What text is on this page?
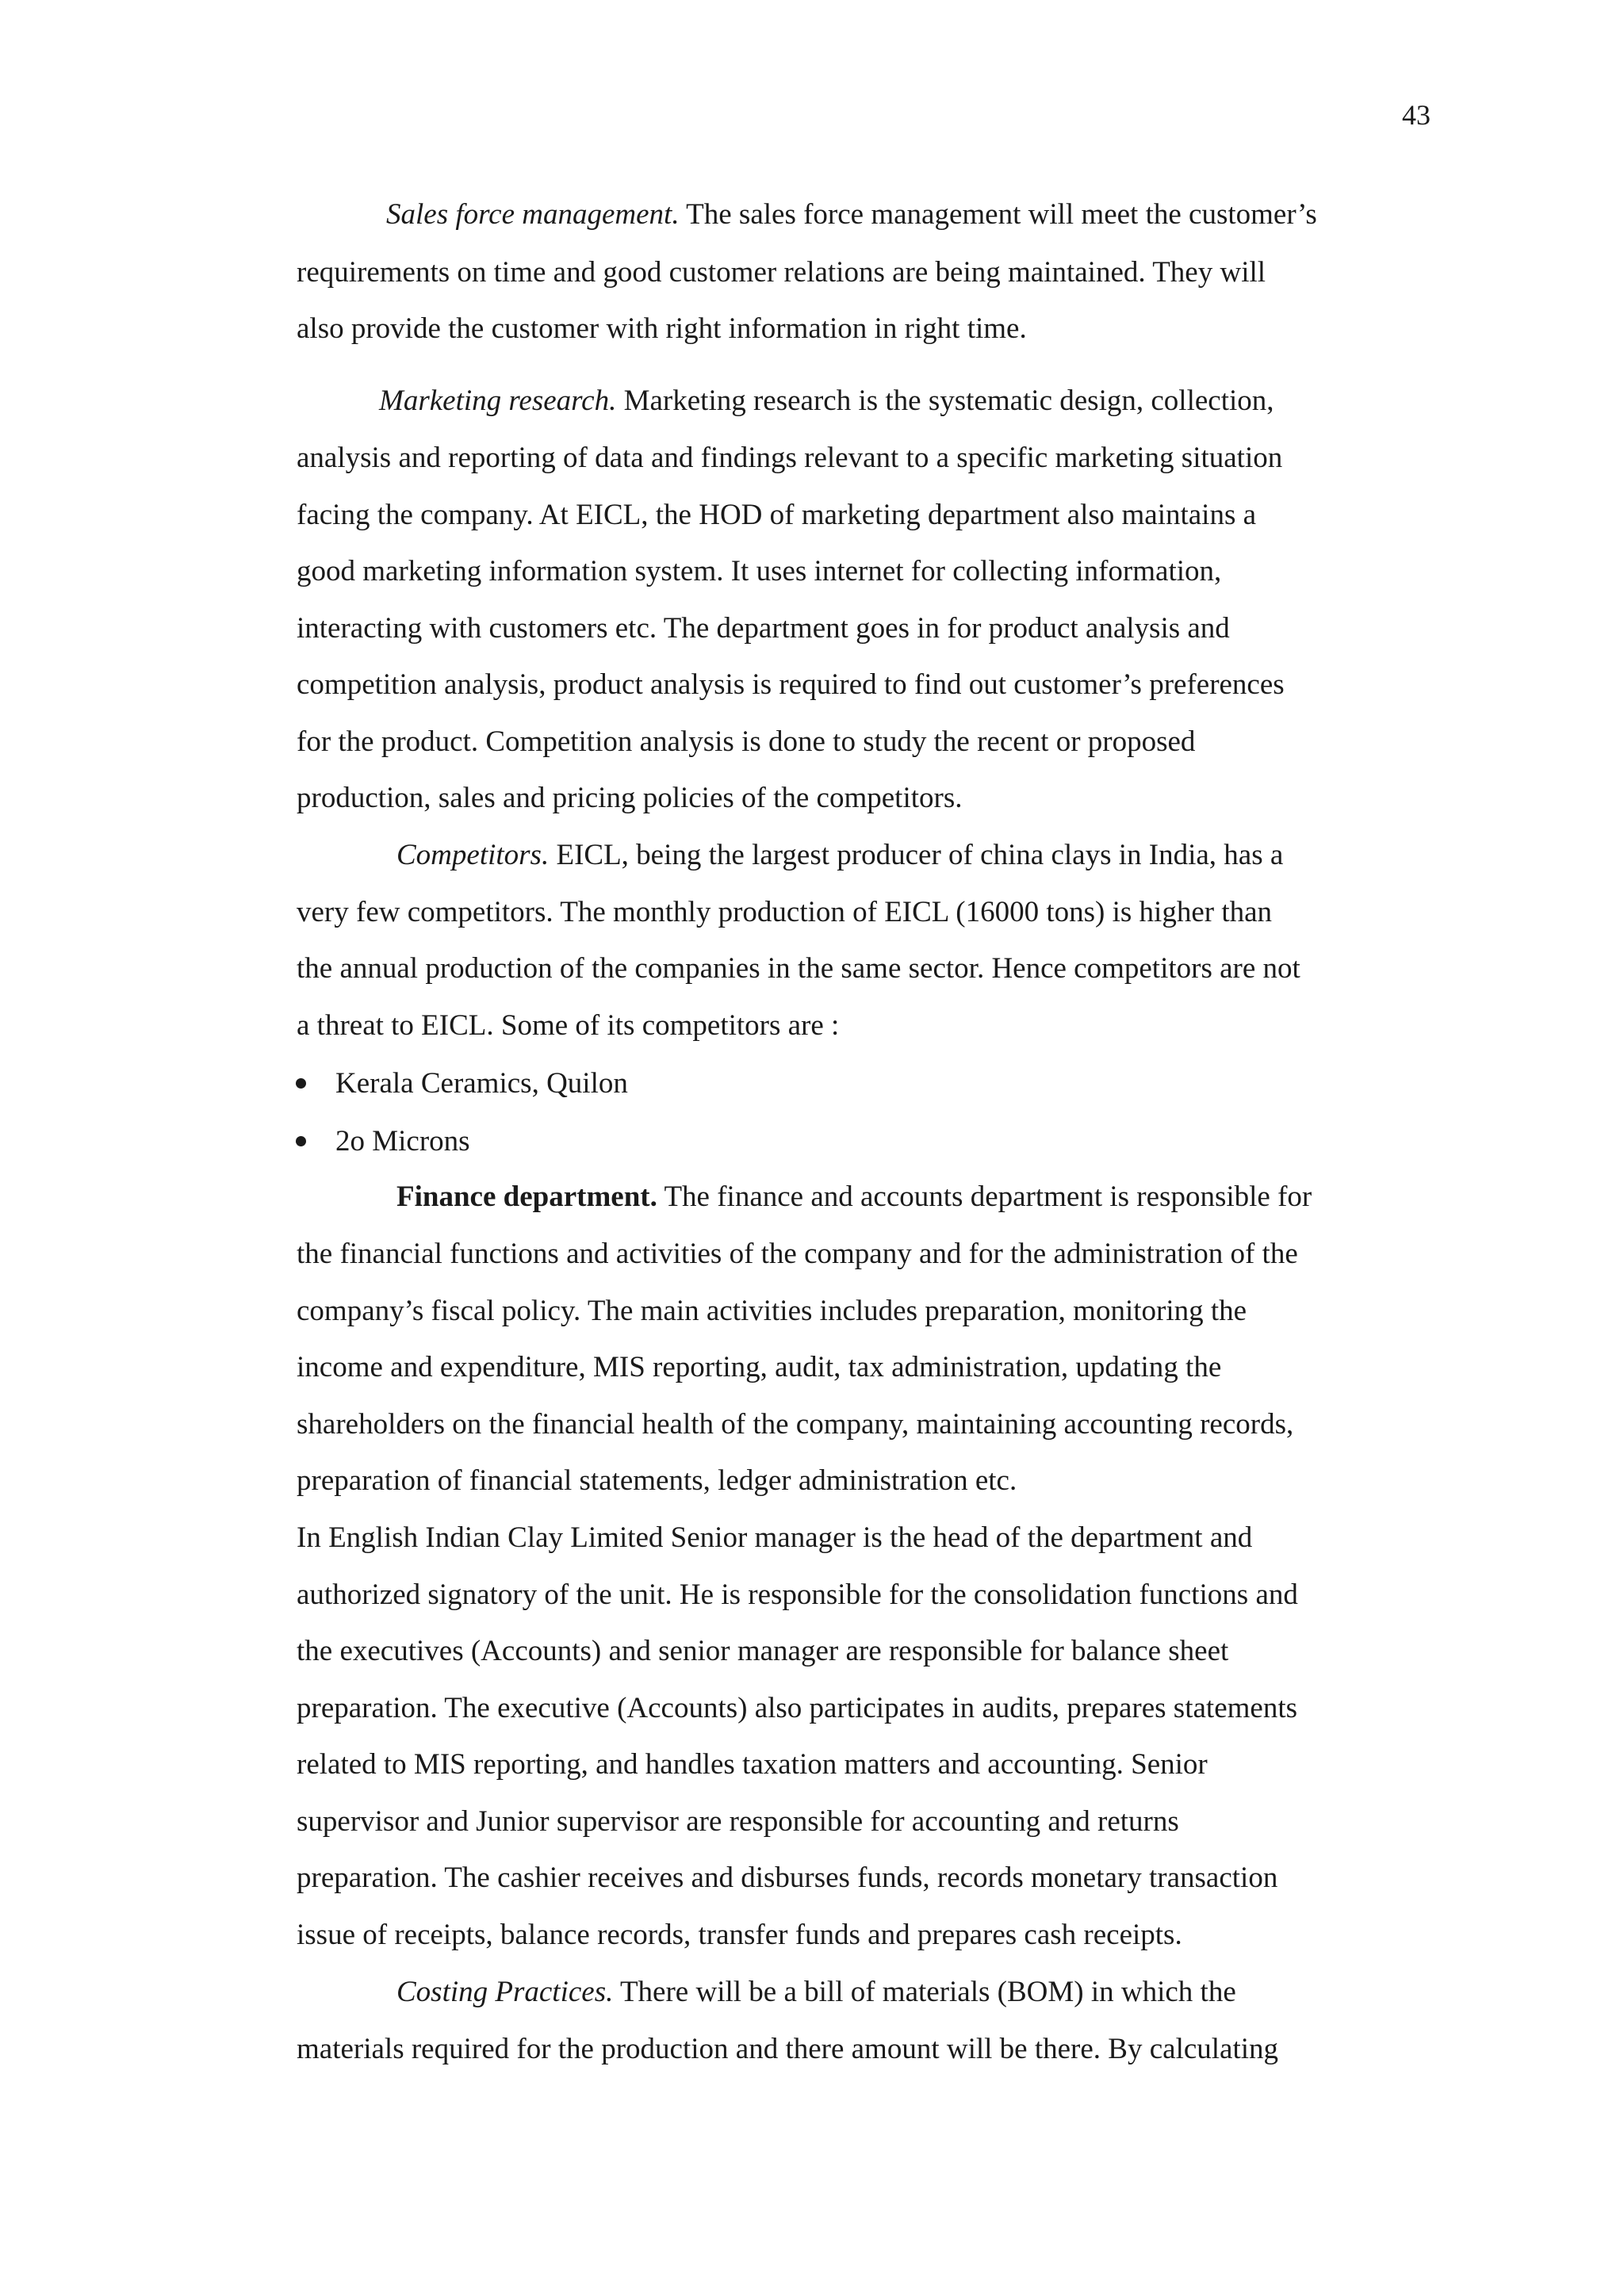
43
Sales force management. The sales force management will meet the customer’s
requirements on time and good customer relations are being maintained. They will
also provide the customer with right information in right time.
Marketing research. Marketing research is the systematic design, collection,
analysis and reporting of data and findings relevant to a specific marketing situation
facing the company. At EICL, the HOD of marketing department also maintains a
good marketing information system. It uses internet for collecting information,
interacting with customers etc. The department goes in for product analysis and
competition analysis, product analysis is required to find out customer’s preferences
for the product. Competition analysis is done to study the recent or proposed
production, sales and pricing policies of the competitors.
Competitors. EICL, being the largest producer of china clays in India, has a
very few competitors. The monthly production of EICL (16000 tons) is higher than
the annual production of the companies in the same sector. Hence competitors are not
a threat to EICL. Some of its competitors are :
Kerala Ceramics, Quilon
2o Microns
Finance department. The finance and accounts department is responsible for
the financial functions and activities of the company and for the administration of the
company’s fiscal policy. The main activities includes preparation, monitoring the
income and expenditure, MIS reporting, audit, tax administration, updating the
shareholders on the financial health of the company, maintaining accounting records,
preparation of financial statements, ledger administration etc.
In English Indian Clay Limited Senior manager is the head of the department and
authorized signatory of the unit. He is responsible for the consolidation functions and
the executives (Accounts) and senior manager are responsible for balance sheet
preparation. The executive (Accounts) also participates in audits, prepares statements
related to MIS reporting, and handles taxation matters and accounting. Senior
supervisor and Junior supervisor are responsible for accounting and returns
preparation. The cashier receives and disburses funds, records monetary transaction
issue of receipts, balance records, transfer funds and prepares cash receipts.
Costing Practices. There will be a bill of materials (BOM) in which the
materials required for the production and there amount will be there. By calculating
